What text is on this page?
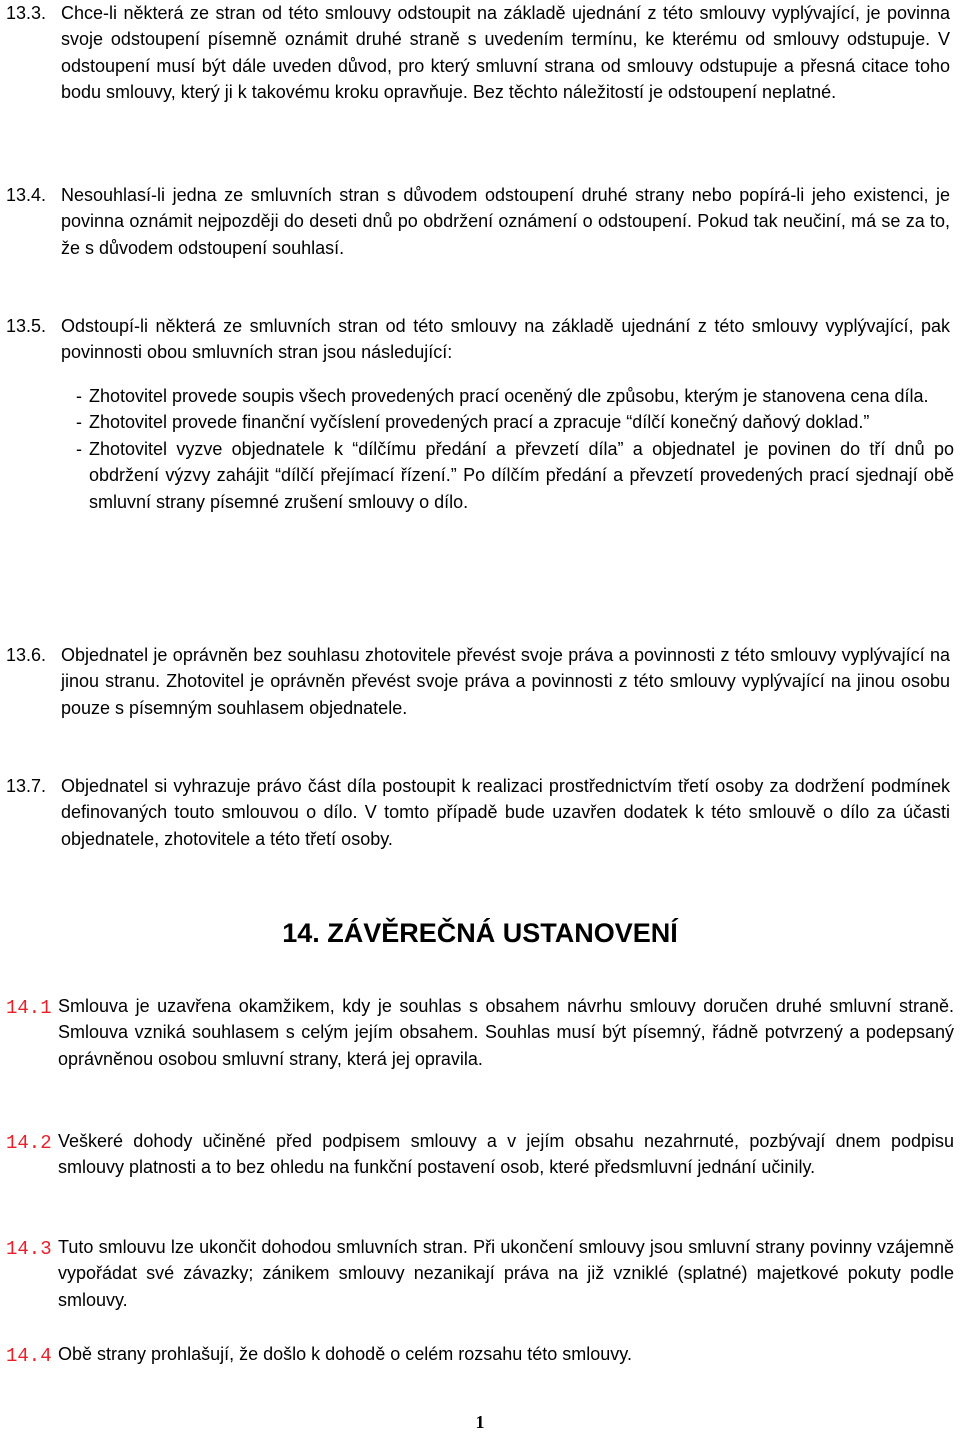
13.3. Chce-li některá ze stran od této smlouvy odstoupit na základě ujednání z této smlouvy vyplývající, je povinna svoje odstoupení písemně oznámit druhé straně s uvedením termínu, ke kterému od smlouvy odstupuje. V odstoupení musí být dále uveden důvod, pro který smluvní strana od smlouvy odstupuje a přesná citace toho bodu smlouvy, který ji k takovému kroku opravňuje. Bez těchto náležitostí je odstoupení neplatné.
13.4. Nesouhlasí-li jedna ze smluvních stran s důvodem odstoupení druhé strany nebo popírá-li jeho existenci, je povinna oznámit nejpozději do deseti dnů po obdržení oznámení o odstoupení. Pokud tak neučiní, má se za to, že s důvodem odstoupení souhlasí.
13.5. Odstoupí-li některá ze smluvních stran od této smlouvy na základě ujednání z této smlouvy vyplývající, pak povinnosti obou smluvních stran jsou následující:
- Zhotovitel provede soupis všech provedených prací oceněný dle způsobu, kterým je stanovena cena díla.
- Zhotovitel provede finanční vyčíslení provedených prací a zpracuje “dílčí konečný daňový doklad.”
- Zhotovitel vyzve objednatele k “dílčímu předání a převzetí díla” a objednatel je povinen do tří dnů po obdržení výzvy zahájit “dílčí přejímací řízení.” Po dílčím předání a převzetí provedených prací sjednají obě smluvní strany písemné zrušení smlouvy o dílo.
13.6. Objednatel je oprávněn bez souhlasu zhotovitele převést svoje práva a povinnosti z této smlouvy vyplývající na jinou stranu. Zhotovitel je oprávněn převést svoje práva a povinnosti z této smlouvy vyplývající na jinou osobu pouze s písemným souhlasem objednatele.
13.7. Objednatel si vyhrazuje právo část díla postoupit k realizaci prostřednictvím třetí osoby za dodržení podmínek definovaných touto smlouvou o dílo. V tomto případě bude uzavřen dodatek k této smlouvě o dílo za účasti objednatele, zhotovitele a této třetí osoby.
14. ZÁVĚREČNÁ USTANOVENÍ
14.1 Smlouva je uzavřena okamžikem, kdy je souhlas s obsahem návrhu smlouvy doručen druhé smluvní straně. Smlouva vzniká souhlasem s celým jejím obsahem. Souhlas musí být písemný, řádně potvrzený a podepsaný oprávněnou osobou smluvní strany, která jej opravila.
14.2 Veškeré dohody učiněné před podpisem smlouvy a v jejím obsahu nezahrnuté, pozbývají dnem podpisu smlouvy platnosti a to bez ohledu na funkční postavení osob, které předsmluvní jednání učinily.
14.3 Tuto smlouvu lze ukončit dohodou smluvních stran. Při ukončení smlouvy jsou smluvní strany povinny vzájemně vypořádat své závazky; zánikem smlouvy nezanikají práva na již vzniklé (splatné) majetkové pokuty podle smlouvy.
14.4 Obě strany prohlašují, že došlo k dohodě o celém rozsahu této smlouvy.
1
